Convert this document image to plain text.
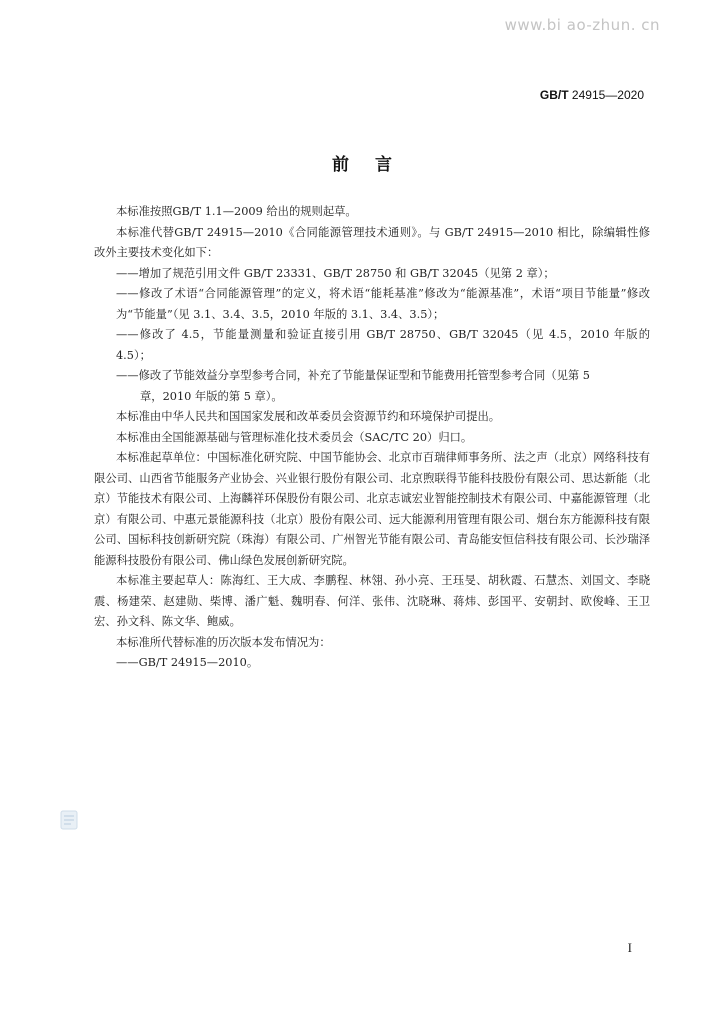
www.bi ao-zhun. cn
GB/T 24915—2020
前言

本标准按照GB/T 1.1—2009 给出的规则起草。

本标准代替GB/T 24915—2010《合同能源管理技术通则》。与 GB/T 24915—2010 相比，除编辑性修改外主要技术变化如下：

——增加了规范引用文件 GB/T 23331、GB/T 28750 和 GB/T 32045（见第 2 章）；

——修改了术语“合同能源管理”的定义，将术语“能耗基准”修改为“能源基准”，术语“项目节能量”修改为“节能量”（见 3.1、3.4、3.5，2010 年版的 3.1、3.4、3.5）；

——修改了 4.5，节能量测量和验证直接引用 GB/T 28750、GB/T 32045（见 4.5，2010 年版的 4.5）；

——修改了节能效益分享型参考合同，补充了节能量保证型和节能费用托管型参考合同（见第 5
章，2010 年版的第 5 章）。

本标准由中华人民共和国国家发展和改革委员会资源节约和环境保护司提出。

本标准由全国能源基础与管理标准化技术委员会（SAC/TC 20）归口。

本标准起草单位：中国标准化研究院、中国节能协会、北京市百瑞律师事务所、法之声（北京）网络科技有限公司、山西省节能服务产业协会、兴业银行股份有限公司、北京煦联得节能科技股份有限公司、思达新能（北京）节能技术有限公司、上海麟祥环保股份有限公司、北京志诚宏业智能控制技术有限公司、中嘉能源管理（北京）有限公司、中惠元景能源科技（北京）股份有限公司、远大能源利用管理有限公司、烟台东方能源科技有限公司、国标科技创新研究院（珠海）有限公司、广州智光节能有限公司、青岛能安恒信科技有限公司、长沙瑞泽能源科技股份有限公司、佛山绿色发展创新研究院。

本标准主要起草人：陈海红、王大成、李鹏程、林翎、孙小亮、王珏旻、胡秋霞、石慧杰、刘国文、李晓震、杨建荣、赵建勋、柴博、潘广魁、魏明春、何洋、张伟、沈晓琳、蒋炜、彭国平、安朝封、欧俊峰、王卫宏、孙文科、陈文华、鲍威。

本标准所代替标准的历次版本发布情况为：

——GB/T 24915—2010。

I
